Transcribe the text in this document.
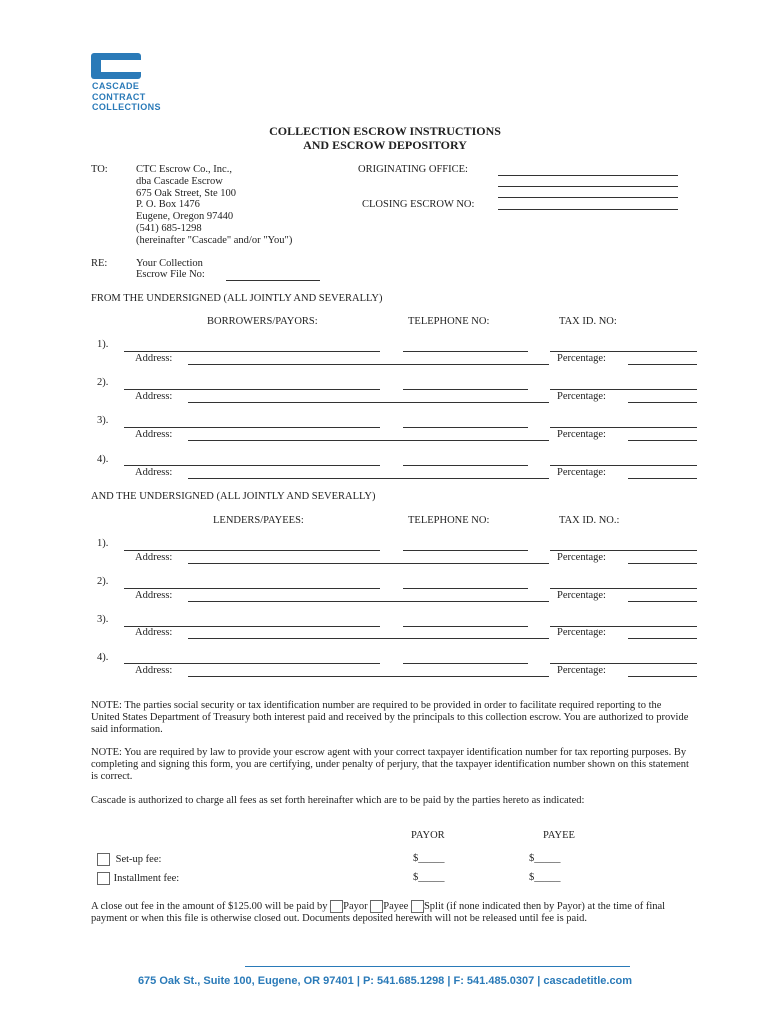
CASCADE
CONTRACT
COLLECTIONS
COLLECTION ESCROW INSTRUCTIONS
AND ESCROW DEPOSITORY
TO:	CTC Escrow Co., Inc.,
dba Cascade Escrow
675 Oak Street, Ste 100
P. O. Box 1476
Eugene, Oregon 97440
(541) 685-1298
(hereinafter "Cascade" and/or "You")
ORIGINATING OFFICE:
CLOSING ESCROW NO:
RE:	Your Collection
Escrow File No:
FROM THE UNDERSIGNED (ALL JOINTLY AND SEVERALLY)
BORROWERS/PAYORS:	TELEPHONE NO:	TAX ID. NO:
1).
Address:	Percentage:
2).
Address:	Percentage:
3).
Address:	Percentage:
4).
Address:	Percentage:
AND THE UNDERSIGNED (ALL JOINTLY AND SEVERALLY)
LENDERS/PAYEES:	TELEPHONE NO:	TAX ID. NO.:
1).
Address:	Percentage:
2).
Address:	Percentage:
3).
Address:	Percentage:
4).
Address:	Percentage:
NOTE: The parties social security or tax identification number are required to be provided in order to facilitate required reporting to the United States Department of Treasury both interest paid and received by the principals to this collection escrow. You are authorized to provide said information.
NOTE: You are required by law to provide your escrow agent with your correct taxpayer identification number for tax reporting purposes. By completing and signing this form, you are certifying, under penalty of perjury, that the taxpayer identification number shown on this statement is correct.
Cascade is authorized to charge all fees as set forth hereinafter which are to be paid by the parties hereto as indicated:
PAYOR	PAYEE
Set-up fee:	$_____	$_____
Installment fee:	$_____	$_____
A close out fee in the amount of $125.00 will be paid by Payor Payee Split (if none indicated then by Payor) at the time of final payment or when this file is otherwise closed out. Documents deposited herewith will not be released until fee is paid.
675 Oak St., Suite 100, Eugene, OR 97401 | P: 541.685.1298 | F: 541.485.0307 | cascadetitle.com
